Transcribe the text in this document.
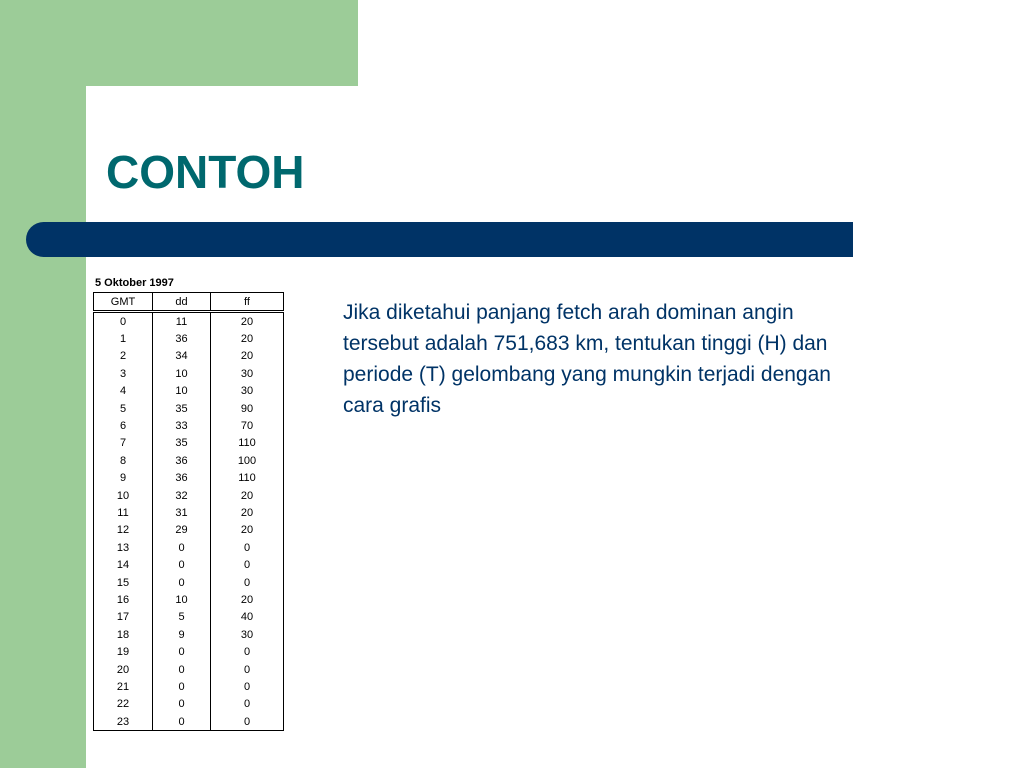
CONTOH
5 Oktober 1997
GMT	dd	ff
0	11	20
1	36	20
2	34	20
3	10	30
4	10	30
5	35	90
6	33	70
7	35	110
8	36	100
9	36	110
10	32	20
11	31	20
12	29	20
13	0	0
14	0	0
15	0	0
16	10	20
17	5	40
18	9	30
19	0	0
20	0	0
21	0	0
22	0	0
23	0	0

Jika diketahui panjang fetch arah dominan angin tersebut adalah 751,683 km, tentukan tinggi (H) dan periode (T) gelombang yang mungkin terjadi dengan cara grafis
